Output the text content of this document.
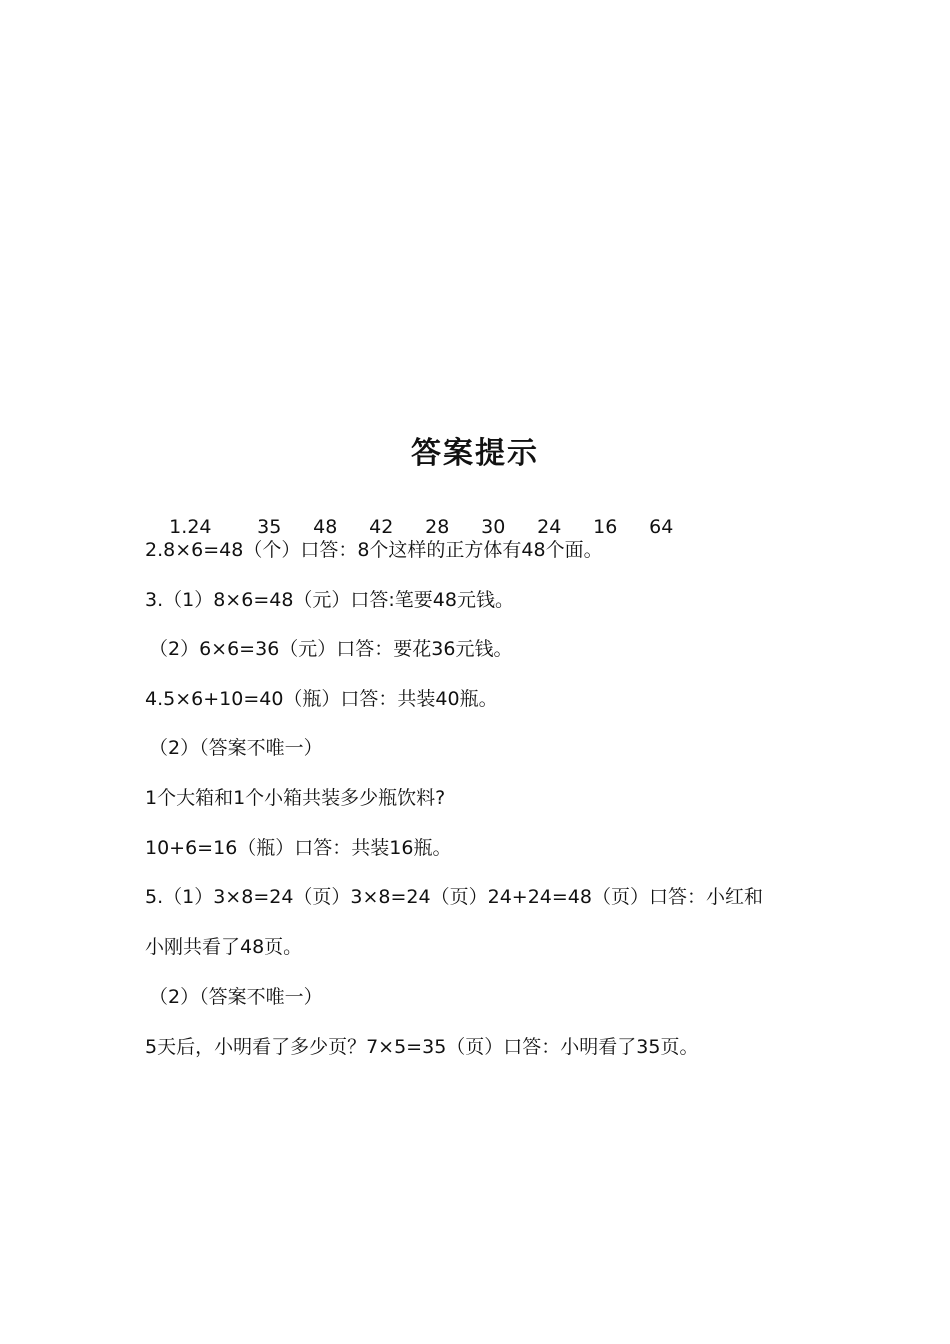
答案提示

1.24 35 48 42 28 30 24 16 64

2.8×6=48（个）口答：8个这样的正方体有48个面。
3.（1）8×6=48（元）口答:笔要48元钱。
（2）6×6=36（元）口答：要花36元钱。
4.5×6+10=40（瓶）口答：共装40瓶。
（2）（答案不唯一）
1个大箱和1个小箱共装多少瓶饮料?
10+6=16（瓶）口答：共装16瓶。
5.（1）3×8=24（页）3×8=24（页）24+24=48（页）口答：小红和
小刚共看了48页。
（2）（答案不唯一）
5天后，小明看了多少页？7×5=35（页）口答：小明看了35页。
